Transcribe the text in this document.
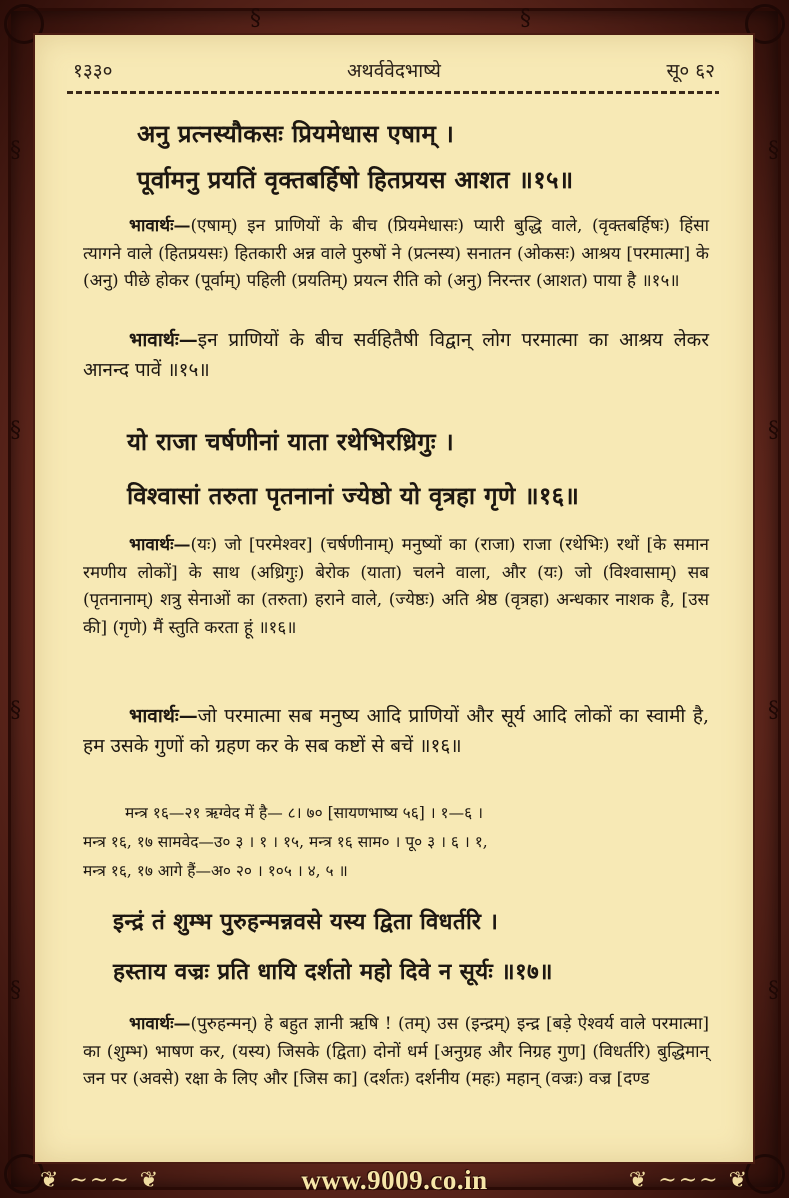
§
§
§
§
§
§
§
§
§	§
१३३०	अथर्ववेदभाष्ये	सू० ६२
अनु प्रत्नस्यौकसः प्रियमेधास एषाम् ।
पूर्वामनु प्रयतिं वृक्तबर्हिषो हितप्रयस आशत ॥१५॥
भावार्थः—(एषाम्) इन प्राणियों के बीच (प्रियमेधासः) प्यारी बुद्धि वाले, (वृक्तबर्हिषः) हिंसा त्यागने वाले (हितप्रयसः) हितकारी अन्न वाले पुरुषों ने (प्रत्नस्य) सनातन (ओकसः) आश्रय [परमात्मा] के (अनु) पीछे होकर (पूर्वाम्) पहिली (प्रयतिम्) प्रयत्न रीति को (अनु) निरन्तर (आशत) पाया है ॥१५॥
भावार्थः—इन प्राणियों के बीच सर्वहितैषी विद्वान् लोग परमात्मा का आश्रय लेकर आनन्द पावें ॥१५॥
यो राजा चर्षणीनां याता रथेभिरध्रिगुः ।
विश्वासां तरुता पृतनानां ज्येष्ठो यो वृत्रहा गृणे ॥१६॥
भावार्थः—(यः) जो [परमेश्वर] (चर्षणीनाम्) मनुष्यों का (राजा) राजा (रथेभिः) रथों [के समान रमणीय लोकों] के साथ (अध्रिगुः) बेरोक (याता) चलने वाला, और (यः) जो (विश्वासाम्) सब (पृतनानाम्) शत्रु सेनाओं का (तरुता) हराने वाले, (ज्येष्ठः) अति श्रेष्ठ (वृत्रहा) अन्धकार नाशक है, [उस की] (गृणे) मैं स्तुति करता हूं ॥१६॥
भावार्थः—जो परमात्मा सब मनुष्य आदि प्राणियों और सूर्य आदि लोकों का स्वामी है, हम उसके गुणों को ग्रहण कर के सब कष्टों से बचें ॥१६॥
मन्त्र १६—२१ ऋग्वेद में है— ८। ७० [सायणभाष्य ५६] । १—६ ।
मन्त्र १६, १७ सामवेद—उ० ३ । १ । १५, मन्त्र १६ साम० । पू० ३ । ६ । १,
मन्त्र १६, १७ आगे हैं—अ० २० । १०५ । ४, ५ ॥
इन्द्रं तं शुम्भ पुरुहन्मन्नवसे यस्य द्विता विधर्तरि ।
हस्ताय वज्रः प्रति धायि दर्शतो महो दिवे न सूर्यः ॥१७॥
भावार्थः—(पुरुहन्मन्) हे बहुत ज्ञानी ऋषि ! (तम्) उस (इन्द्रम्) इन्द्र [बड़े ऐश्वर्य वाले परमात्मा] का (शुम्भ) भाषण कर, (यस्य) जिसके (द्विता) दोनों धर्म [अनुग्रह और निग्रह गुण] (विधर्तरि) बुद्धिमान् जन पर (अवसे) रक्षा के लिए और [जिस का] (दर्शतः) दर्शनीय (महः) महान् (वज्रः) वज्र [दण्ड
❦ ~~~ ❦	❦ ~~~ ❦
www.9009.co.in
